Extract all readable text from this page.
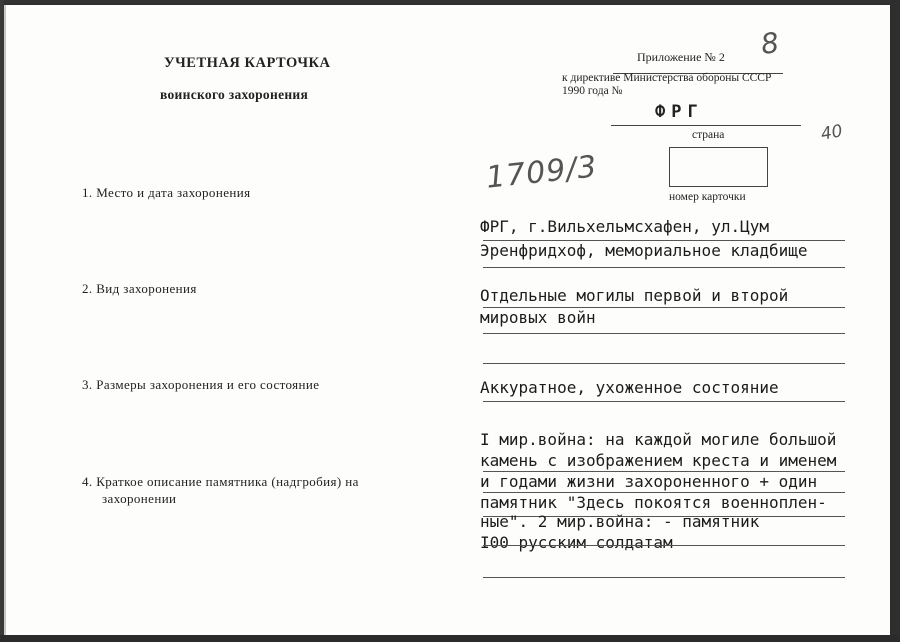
УЧЕТНАЯ КАРТОЧКА
воинского захоронения
Приложение № 2
к директиве Министерства обороны СССР
1990 года №
8
ФРГ
страна	40
номер карточки
1709/3
1. Место и дата захоронения
ФРГ, г.Вильхельмсхафен, ул.Цум
Эренфридхоф, мемориальное кладбище
2. Вид захоронения	Отдельные могилы первой и второй
мировых войн
3. Размеры захоронения и его состояние	Аккуратное, ухоженное состояние
4. Краткое описание памятника (надгробия) на
захоронении
I мир.война: на каждой могиле большой
камень с изображением креста и именем
и годами жизни захороненного + один
памятник "Здесь покоятся военноплен-
ные". 2 мир.война: - памятник
I00 русским солдатам
